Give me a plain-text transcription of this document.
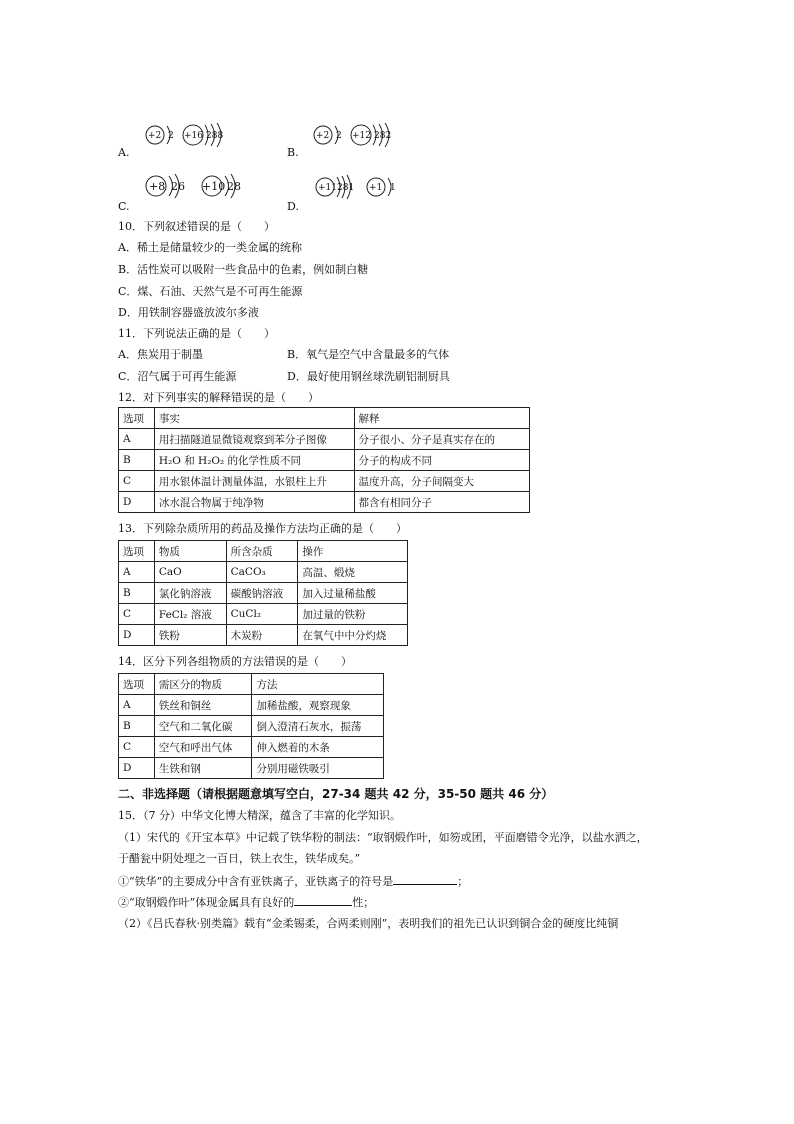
A.
+2 2 +16 288
B.
+2 2 +12 282
C.
+8 26 +10 28
D.
+11 281 +1 1
10．下列叙述错误的是（　　）
A．稀土是储量较少的一类金属的统称
B．活性炭可以吸附一些食品中的色素，例如制白糖
C．煤、石油、天然气是不可再生能源
D．用铁制容器盛放波尔多液
11．下列说法正确的是（　　）
A．焦炭用于制墨	B．氧气是空气中含量最多的气体
C．沼气属于可再生能源	D．最好使用钢丝球洗刷铝制厨具
12．对下列事实的解释错误的是（　　）
选项	事实	解释
A	用扫描隧道显微镜观察到苯分子图像	分子很小、分子是真实存在的
B	H₂O 和 H₂O₂ 的化学性质不同	分子的构成不同
C	用水银体温计测量体温，水银柱上升	温度升高，分子间隔变大
D	冰水混合物属于纯净物	都含有相同分子
13．下列除杂质所用的药品及操作方法均正确的是（　　）
选项	物质	所含杂质	操作
A	CaO	CaCO₃	高温、煅烧
B	氯化钠溶液	碳酸钠溶液	加入过量稀盐酸
C	FeCl₂ 溶液	CuCl₂	加过量的铁粉
D	铁粉	木炭粉	在氧气中中分灼烧
14．区分下列各组物质的方法错误的是（　　）
选项	需区分的物质	方法
A	铁丝和铜丝	加稀盐酸，观察现象
B	空气和二氧化碳	倒入澄清石灰水，振荡
C	空气和呼出气体	伸入燃着的木条
D	生铁和钢	分别用磁铁吸引
二、非选择题（请根据题意填写空白，27-34 题共 42 分，35-50 题共 46 分）
15．（7 分）中华文化博大精深，蕴含了丰富的化学知识。
（1）宋代的《开宝本草》中记载了铁华粉的制法：“取钢煅作叶，如笏或团，平面磨错令光净，以盐水洒之，
于醋瓮中阴处埋之一百日，铁上衣生，铁华成矣。”
①“铁华”的主要成分中含有亚铁离子，亚铁离子的符号是	；
②“取钢煅作叶”体现金属具有良好的	性；
（2）《吕氏春秋·别类篇》载有“金柔锡柔，合两柔则刚”，表明我们的祖先已认识到铜合金的硬度比纯铜
